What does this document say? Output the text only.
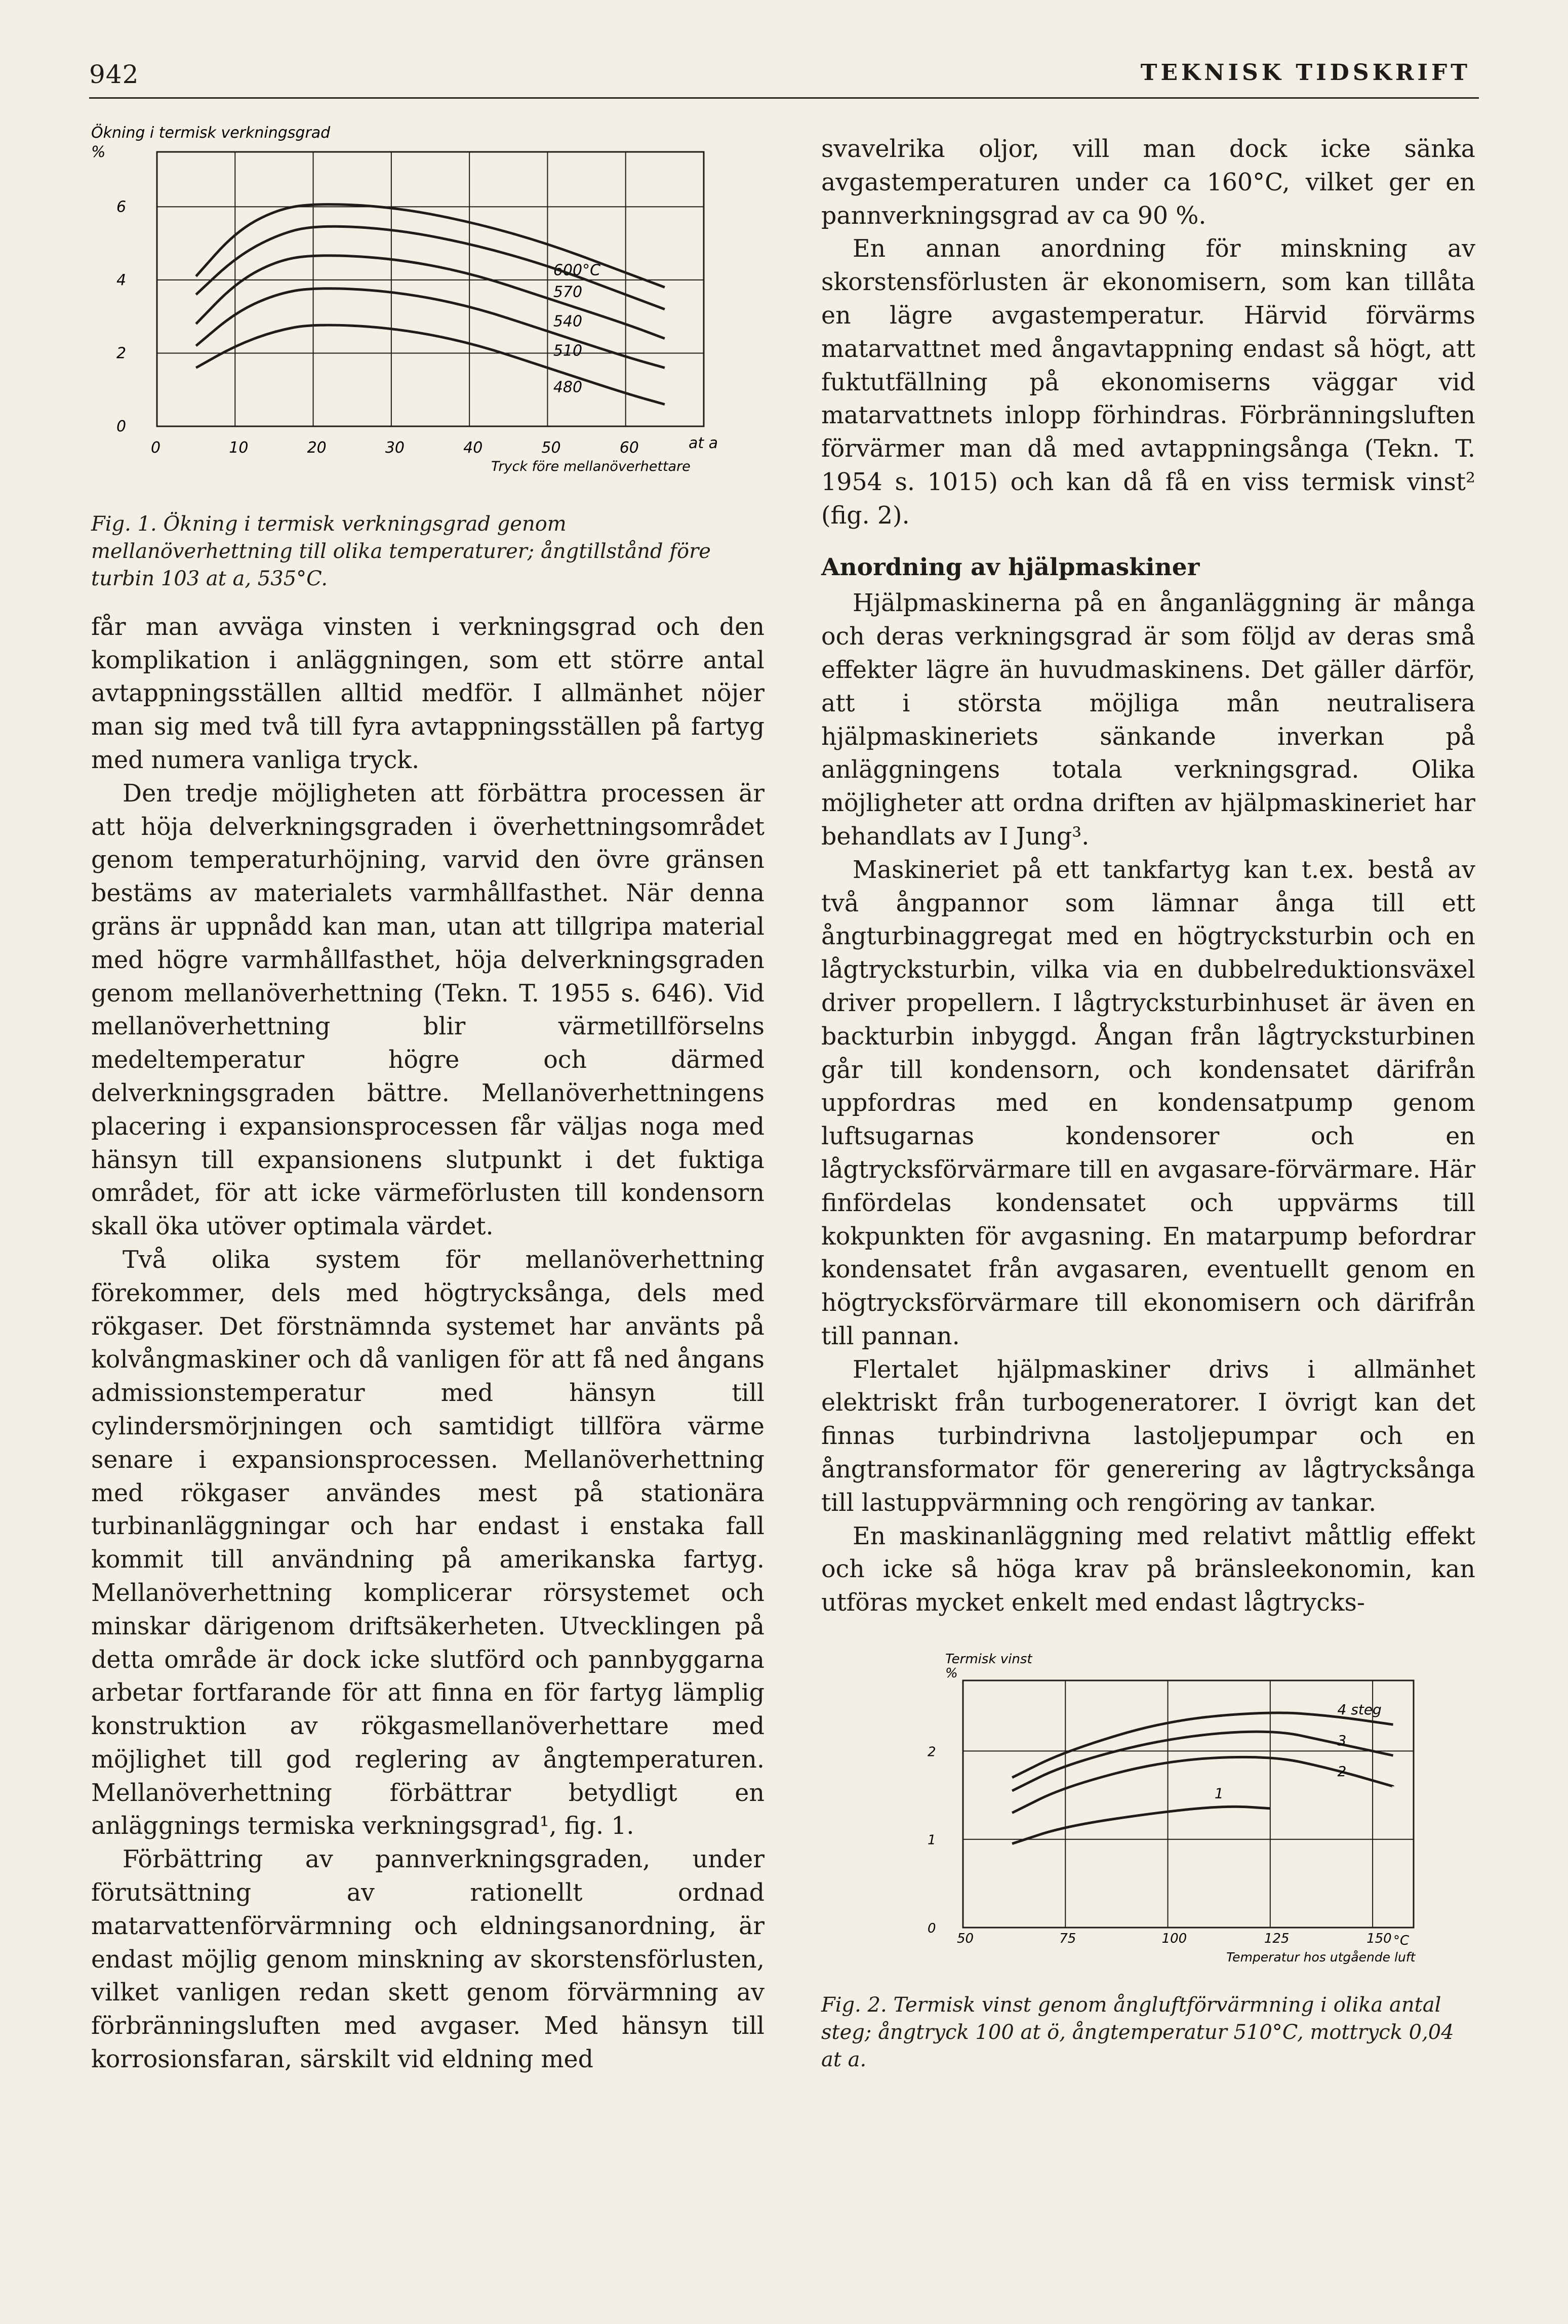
942	TEKNISK TIDSKRIFT
Ökning i termisk verkningsgrad
%
600°C
570
540
510
480
6
4
2
0
0	10	20	30	40	50	60	at a
Tryck före mellanöverhettare

Fig. 1. Ökning i termisk verkningsgrad genom mellanöverhettning till olika temperaturer; ångtillstånd före turbin 103 at a, 535°C.

får man avväga vinsten i verkningsgrad och den komplikation i anläggningen, som ett större antal avtappningsställen alltid medför. I allmänhet nöjer man sig med två till fyra avtappningsställen på fartyg med numera vanliga tryck.

Den tredje möjligheten att förbättra processen är att höja delverkningsgraden i överhettningsområdet genom temperaturhöjning, varvid den övre gränsen bestäms av materialets varmhållfasthet. När denna gräns är uppnådd kan man, utan att tillgripa material med högre varmhållfasthet, höja delverkningsgraden genom mellanöverhettning (Tekn. T. 1955 s. 646). Vid mellanöverhettning blir värmetillförselns medeltemperatur högre och därmed delverkningsgraden bättre. Mellanöverhettningens placering i expansionsprocessen får väljas noga med hänsyn till expansionens slutpunkt i det fuktiga området, för att icke värmeförlusten till kondensorn skall öka utöver optimala värdet.

Två olika system för mellanöverhettning förekommer, dels med högtrycksånga, dels med rökgaser. Det förstnämnda systemet har använts på kolvångmaskiner och då vanligen för att få ned ångans admissionstemperatur med hänsyn till cylindersmörjningen och samtidigt tillföra värme senare i expansionsprocessen. Mellanöverhettning med rökgaser användes mest på stationära turbinanläggningar och har endast i enstaka fall kommit till användning på amerikanska fartyg. Mellanöverhettning komplicerar rörsystemet och minskar därigenom driftsäkerheten. Utvecklingen på detta område är dock icke slutförd och pannbyggarna arbetar fortfarande för att finna en för fartyg lämplig konstruktion av rökgasmellanöverhettare med möjlighet till god reglering av ångtemperaturen. Mellanöverhettning förbättrar betydligt en anläggnings termiska verkningsgrad¹, fig. 1.

Förbättring av pannverkningsgraden, under förutsättning av rationellt ordnad matarvattenförvärmning och eldningsanordning, är endast möjlig genom minskning av skorstensförlusten, vilket vanligen redan skett genom förvärmning av förbränningsluften med avgaser. Med hänsyn till korrosionsfaran, särskilt vid eldning med

svavelrika oljor, vill man dock icke sänka avgastemperaturen under ca 160°C, vilket ger en pannverkningsgrad av ca 90 %.

En annan anordning för minskning av skorstensförlusten är ekonomisern, som kan tillåta en lägre avgastemperatur. Härvid förvärms matarvattnet med ångavtappning endast så högt, att fuktutfällning på ekonomiserns väggar vid matarvattnets inlopp förhindras. Förbränningsluften förvärmer man då med avtappningsånga (Tekn. T. 1954 s. 1015) och kan då få en viss termisk vinst² (fig. 2).

Anordning av hjälpmaskiner

Hjälpmaskinerna på en ånganläggning är många och deras verkningsgrad är som följd av deras små effekter lägre än huvudmaskinens. Det gäller därför, att i största möjliga mån neutralisera hjälpmaskineriets sänkande inverkan på anläggningens totala verkningsgrad. Olika möjligheter att ordna driften av hjälpmaskineriet har behandlats av I Jung³.

Maskineriet på ett tankfartyg kan t.ex. bestå av två ångpannor som lämnar ånga till ett ångturbinaggregat med en högtrycksturbin och en lågtrycksturbin, vilka via en dubbelreduktionsväxel driver propellern. I lågtrycksturbinhuset är även en backturbin inbyggd. Ångan från lågtrycksturbinen går till kondensorn, och kondensatet därifrån uppfordras med en kondensatpump genom luftsugarnas kondensorer och en lågtrycksförvärmare till en avgasare-förvärmare. Här finfördelas kondensatet och uppvärms till kokpunkten för avgasning. En matarpump befordrar kondensatet från avgasaren, eventuellt genom en högtrycksförvärmare till ekonomisern och därifrån till pannan.

Flertalet hjälpmaskiner drivs i allmänhet elektriskt från turbogeneratorer. I övrigt kan det finnas turbindrivna lastoljepumpar och en ångtransformator för generering av lågtrycksånga till lastuppvärmning och rengöring av tankar.

En maskinanläggning med relativt måttlig effekt och icke så höga krav på bränsleekonomin, kan utföras mycket enkelt med endast lågtrycks-

Termisk vinst
%
4 steg
3
2
1
2
1
0
50	75	100	125	150 °C
Temperatur hos utgående luft

Fig. 2. Termisk vinst genom ångluftförvärmning i olika antal steg; ångtryck 100 at ö, ångtemperatur 510°C, mottryck 0,04 at a.
